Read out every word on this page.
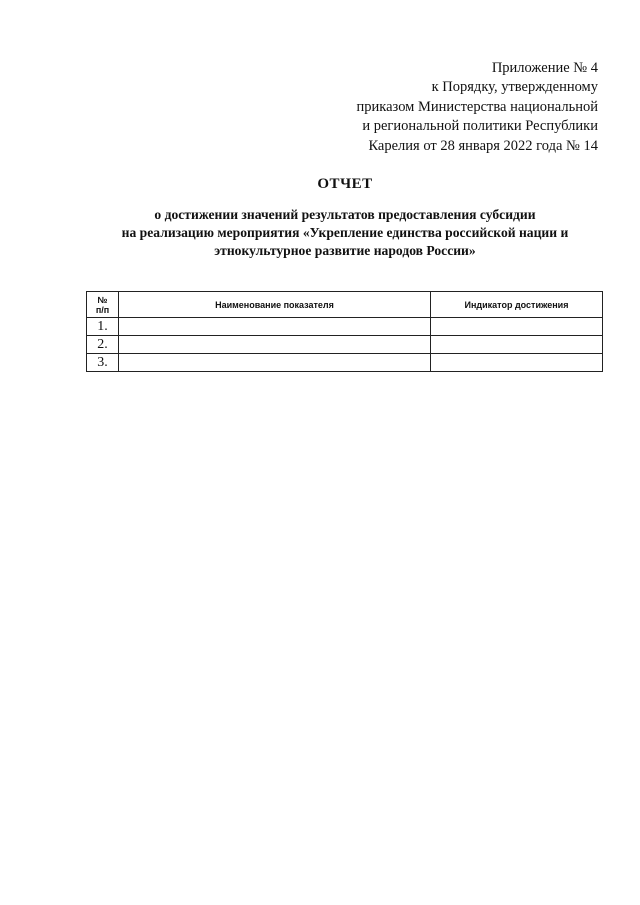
Приложение № 4
к Порядку, утвержденному
приказом Министерства национальной
и региональной политики Республики
Карелия от 28 января 2022 года № 14
ОТЧЕТ
о достижении значений результатов предоставления субсидии
на реализацию мероприятия «Укрепление единства российской нации и
этнокультурное развитие народов России»
№
п/п	Наименование показателя	Индикатор достижения
1.		
2.		
3.		
